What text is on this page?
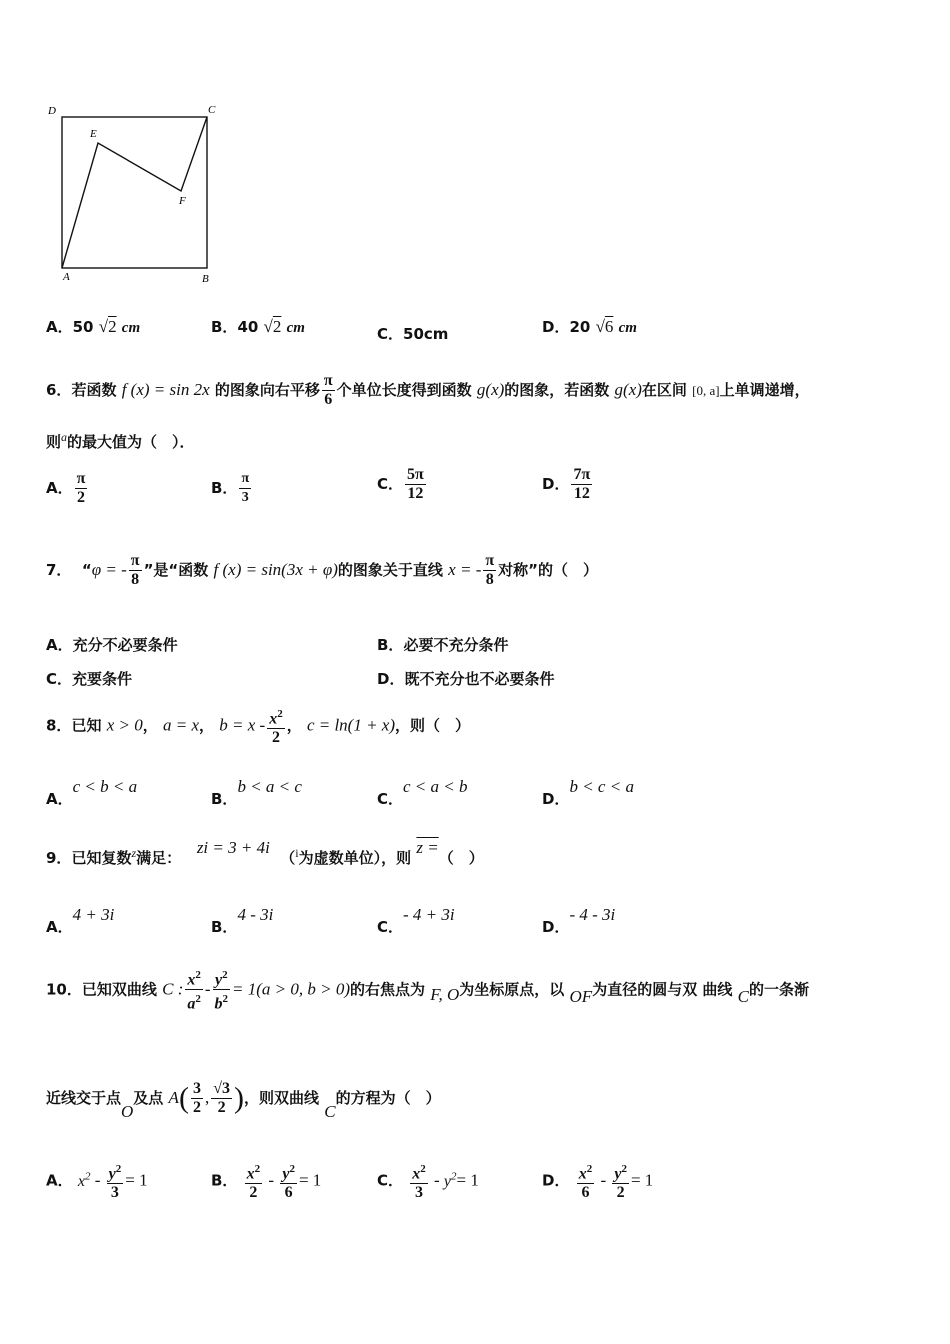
D	C
E
F
A	B
A．50 √2 cm	B．40 √2 cm	C．50cm	D．20 √6 cm
6．若函数 f (x) = sin 2x 的图象向右平移 $\frac{\pi}{6}$ 个单位长度得到函数 g(x)的图象，若函数 g(x)在区间 [0, a]上单调递增，
则$^a$的最大值为（　）．
A． $\frac{\pi}{2}$	B． $\frac{\pi}{3}$	C． $\frac{5\pi}{12}$	D． $\frac{7\pi}{12}$
7． “φ = - $\frac{\pi}{8}$ ”是“函数 f (x) = sin(3x + φ)的图象关于直线 x = - $\frac{\pi}{8}$ 对称”的（　）
A．充分不必要条件	B．必要不充分条件
C．充要条件	D．既不充分也不必要条件
8．已知 x > 0， a = x， $b = x - \frac{x^2}{2}$ ， c = ln(1 + x)，则（　）
A．c < b < a
B．b < a < c
C．c < a < b
D．b < c < a
9．已知复数$^z$满足：   zi = 3 + 4i  （$^i$为虚数单位），则 z =（　）
A．4 + 3i
B．4 - 3i
C．- 4 + 3i
D．- 4 - 3i
10．已知双曲线 C : $\frac{x^2}{a^2} - \frac{y^2}{b^2} = 1(a > 0$, b > 0)的右焦点为 F, O为坐标原点，以 OF为直径的圆与双 曲线 C的一条渐
近线交于点O及点 $A( \frac{3}{2}$ , $\frac{√3}{2}$ )，则双曲线 C的方程为（　）
A． $x^2 - \frac{y^2}{3} = 1$	B． $\frac{x^2}{2} - \frac{y^2}{6} = 1$	C． $\frac{x^2}{3} - y^2= 1$	D． $\frac{x^2}{6} - \frac{y^2}{2} = 1$
